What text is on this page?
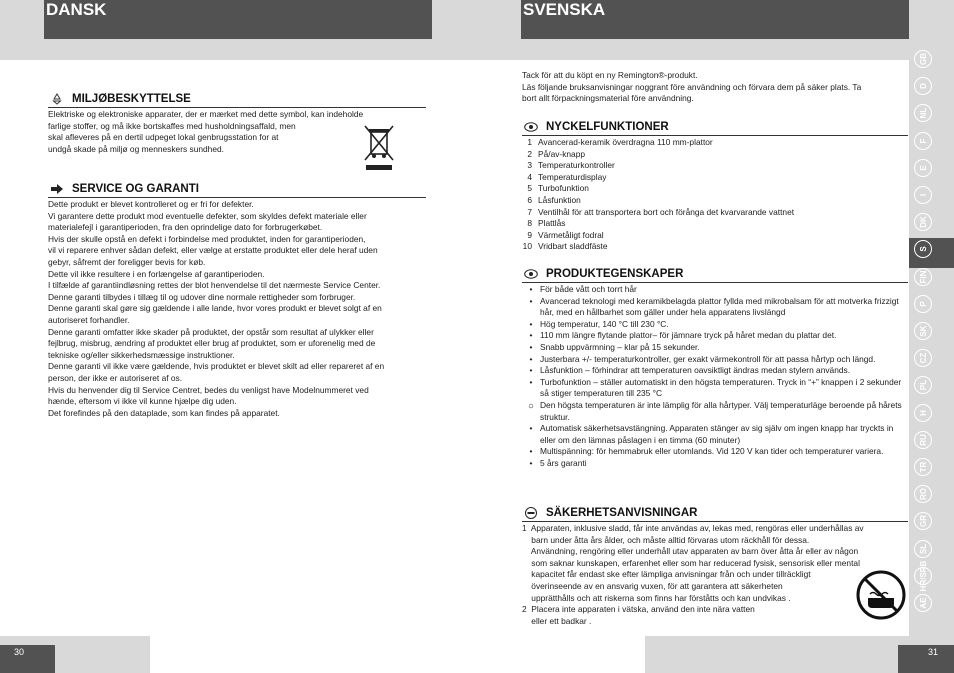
DANSK	SVENSKA
GB
D
NL
F
E
I
DK
S
FIN
P
SK
CZ
PL
H
RU
TR
RO
GR
SL
HR/SRB
AE
MILJØBESKYTTELSE
Elektriske og elektroniske apparater, der er mærket med dette symbol, kan indeholde
farlige stoffer, og må ikke bortskaffes med husholdningsaffald, men
skal afleveres på en dertil udpeget lokal genbrugsstation for at
undgå skade på miljø og menneskers sundhed.
SERVICE OG GARANTI
Dette produkt er blevet kontrolleret og er fri for defekter.
Vi garantere dette produkt mod eventuelle defekter, som skyldes defekt materiale eller
materialefejl i garantiperioden, fra den oprindelige dato for forbrugerkøbet.
Hvis der skulle opstå en defekt i forbindelse med produktet, inden for garantiperioden,
vil vi reparere enhver sådan defekt, eller vælge at erstatte produktet eller dele heraf uden
gebyr, såfremt der foreligger bevis for køb.
Dette vil ikke resultere i en forlængelse af garantiperioden.
I tilfælde af garantiindløsning rettes der blot henvendelse til det nærmeste Service Center.
Denne garanti tilbydes i tillæg til og udover dine normale rettigheder som forbruger.
Denne garanti skal gøre sig gældende i alle lande, hvor vores produkt er blevet solgt af en
autoriseret forhandler.
Denne garanti omfatter ikke skader på produktet, der opstår som resultat af ulykker eller
fejlbrug, misbrug, ændring af produktet eller brug af produktet, som er uforenelig med de
tekniske og/eller sikkerhedsmæssige instruktioner.
Denne garanti vil ikke være gældende, hvis produktet er blevet skilt ad eller repareret af en
person, der ikke er autoriseret af os.
Hvis du henvender dig til Service Centret, bedes du venligst have Modelnummeret ved
hænde, eftersom vi ikke vil kunne hjælpe dig uden.
Det forefindes på den dataplade, som kan findes på apparatet.
Tack för att du köpt en ny Remington®-produkt.
Läs följande bruksanvisningar noggrant före användning och förvara dem på säker plats. Ta
bort allt förpackningsmaterial före användning.
NYCKELFUNKTIONER
1 Avancerad-keramik överdragna 110 mm-plattor
2 På/av-knapp
3 Temperaturkontroller
4 Temperaturdisplay
5 Turbofunktion
6 Låsfunktion
7 Ventilhål för att transportera bort och förånga det kvarvarande vattnet
8 Plattlås
9 Värmetåligt fodral
10 Vridbart sladdfäste
PRODUKTEGENSKAPER
• För både vått och torrt hår
• Avancerad teknologi med keramikbelagda plattor fyllda med mikrobalsam för att motverka frizzigt hår, med en hållbarhet som gäller under hela apparatens livslängd
• Hög temperatur, 140 °C till 230 °C.
• 110 mm längre flytande plattor– för jämnare tryck på håret medan du plattar det.
• Snabb uppvärmning – klar på 15 sekunder.
• Justerbara +/- temperaturkontroller, ger exakt värmekontroll för att passa hårtyp och längd.
• Låsfunktion – förhindrar att temperaturen oavsiktligt ändras medan stylern används.
• Turbofunktion – ställer automatiskt in den högsta temperaturen. Tryck in “+” knappen i 2 sekunder så stiger temperaturen till 235 °C
☼ Den högsta temperaturen är inte lämplig för alla hårtyper. Välj temperaturläge beroende på hårets struktur.
• Automatisk säkerhetsavstängning. Apparaten stänger av sig själv om ingen knapp har tryckts in eller om den lämnas påslagen i en timma (60 minuter)
• Multispänning: för hemmabruk eller utomlands. Vid 120 V kan tider och temperaturer variera.
• 5 års garanti
SÄKERHETSANVISNINGAR
1  Apparaten, inklusive sladd, får inte användas av, lekas med, rengöras eller underhållas av
barn under åtta års ålder, och måste alltid förvaras utom räckhåll för dessa.
Användning, rengöring eller underhåll utav apparaten av barn över åtta år eller av någon
som saknar kunskapen, erfarenhet eller som har reducerad fysisk, sensorisk eller mental
kapacitet får endast ske efter lämpliga anvisningar från och under tillräckligt
överinseende av en ansvarig vuxen, för att garantera att säkerheten
upprätthålls och att riskerna som finns har förståtts och kan undvikas .
2  Placera inte apparaten i vätska, använd den inte nära vatten
eller ett badkar .
30	31
